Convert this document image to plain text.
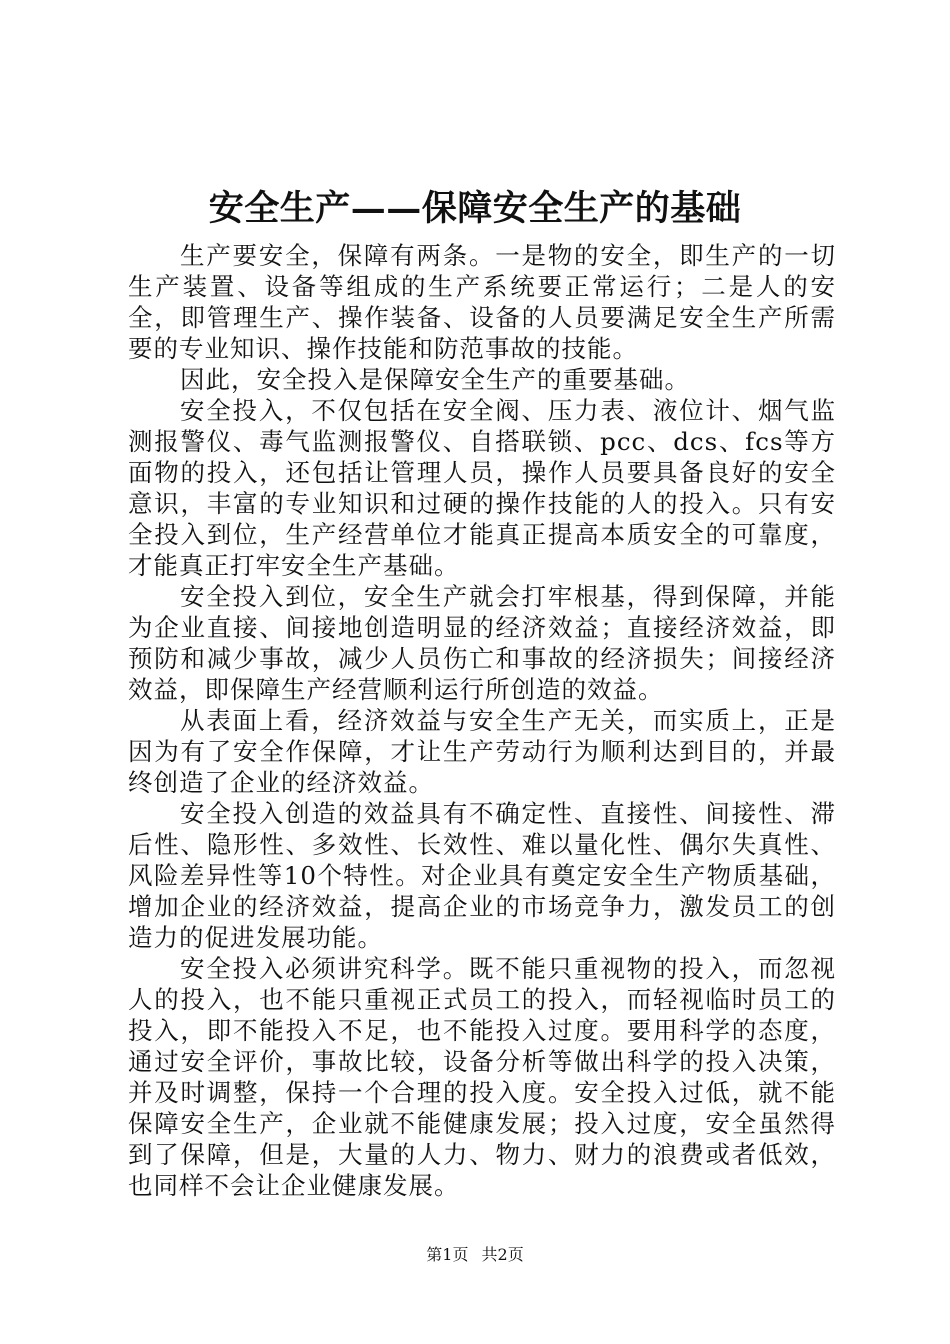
安全生产——保障安全生产的基础

生产要安全，保障有两条。一是物的安全，即生产的一切生产装置、设备等组成的生产系统要正常运行；二是人的安全，即管理生产、操作装备、设备的人员要满足安全生产所需要的专业知识、操作技能和防范事故的技能。

因此，安全投入是保障安全生产的重要基础。

安全投入，不仅包括在安全阀、压力表、液位计、烟气监测报警仪、毒气监测报警仪、自搭联锁、pcc、dcs、fcs等方面物的投入，还包括让管理人员，操作人员要具备良好的安全意识，丰富的专业知识和过硬的操作技能的人的投入。只有安全投入到位，生产经营单位才能真正提高本质安全的可靠度，才能真正打牢安全生产基础。

安全投入到位，安全生产就会打牢根基，得到保障，并能为企业直接、间接地创造明显的经济效益；直接经济效益，即预防和减少事故，减少人员伤亡和事故的经济损失；间接经济效益，即保障生产经营顺利运行所创造的效益。

从表面上看，经济效益与安全生产无关，而实质上，正是因为有了安全作保障，才让生产劳动行为顺利达到目的，并最终创造了企业的经济效益。

安全投入创造的效益具有不确定性、直接性、间接性、滞后性、隐形性、多效性、长效性、难以量化性、偶尔失真性、风险差异性等10个特性。对企业具有奠定安全生产物质基础，增加企业的经济效益，提高企业的市场竞争力，激发员工的创造力的促进发展功能。

安全投入必须讲究科学。既不能只重视物的投入，而忽视人的投入，也不能只重视正式员工的投入，而轻视临时员工的投入，即不能投入不足，也不能投入过度。要用科学的态度，通过安全评价，事故比较，设备分析等做出科学的投入决策，并及时调整，保持一个合理的投入度。安全投入过低，就不能保障安全生产，企业就不能健康发展；投入过度，安全虽然得到了保障，但是，大量的人力、物力、财力的浪费或者低效，也同样不会让企业健康发展。

第1页 共2页
